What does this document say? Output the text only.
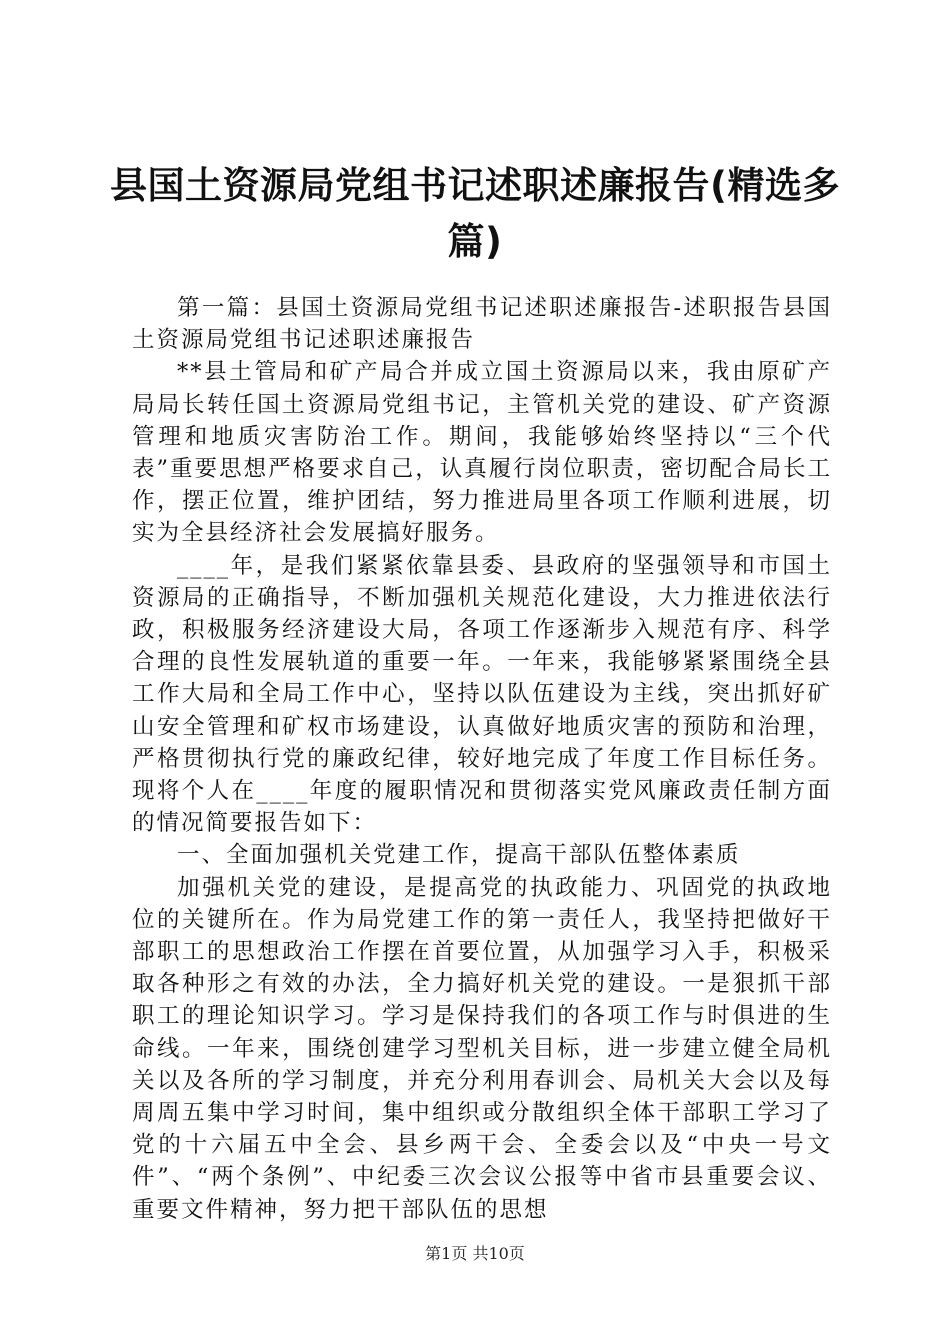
县国土资源局党组书记述职述廉报告(精选多篇)

第一篇：县国土资源局党组书记述职述廉报告-述职报告县国土资源局党组书记述职述廉报告

**县土管局和矿产局合并成立国土资源局以来，我由原矿产局局长转任国土资源局党组书记，主管机关党的建设、矿产资源管理和地质灾害防治工作。期间，我能够始终坚持以“三个代表”重要思想严格要求自己，认真履行岗位职责，密切配合局长工作，摆正位置，维护团结，努力推进局里各项工作顺利进展，切实为全县经济社会发展搞好服务。

____年，是我们紧紧依靠县委、县政府的坚强领导和市国土资源局的正确指导，不断加强机关规范化建设，大力推进依法行政，积极服务经济建设大局，各项工作逐渐步入规范有序、科学合理的良性发展轨道的重要一年。一年来，我能够紧紧围绕全县工作大局和全局工作中心，坚持以队伍建设为主线，突出抓好矿山安全管理和矿权市场建设，认真做好地质灾害的预防和治理，严格贯彻执行党的廉政纪律，较好地完成了年度工作目标任务。现将个人在____年度的履职情况和贯彻落实党风廉政责任制方面的情况简要报告如下：

一、全面加强机关党建工作，提高干部队伍整体素质

加强机关党的建设，是提高党的执政能力、巩固党的执政地位的关键所在。作为局党建工作的第一责任人，我坚持把做好干部职工的思想政治工作摆在首要位置，从加强学习入手，积极采取各种形之有效的办法，全力搞好机关党的建设。一是狠抓干部职工的理论知识学习。学习是保持我们的各项工作与时俱进的生命线。一年来，围绕创建学习型机关目标，进一步建立健全局机关以及各所的学习制度，并充分利用春训会、局机关大会以及每周周五集中学习时间，集中组织或分散组织全体干部职工学习了党的十六届五中全会、县乡两干会、全委会以及“中央一号文件”、“两个条例”、中纪委三次会议公报等中省市县重要会议、重要文件精神，努力把干部队伍的思想

第1页 共10页
